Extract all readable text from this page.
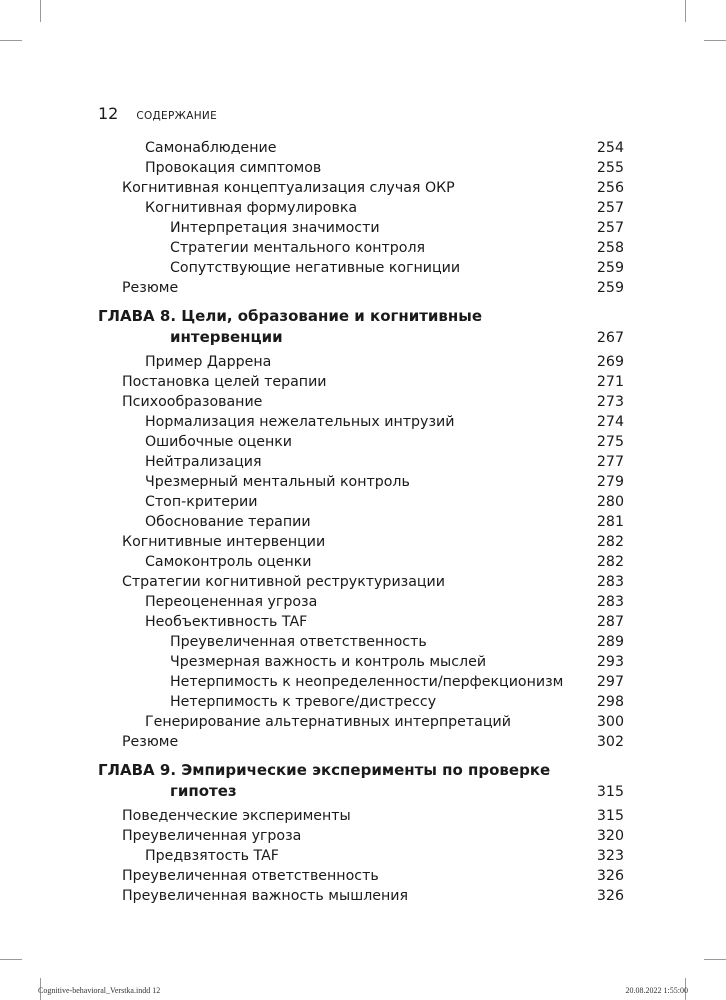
12 СОДЕРЖАНИЕ
Самонаблюдение	254
Провокация симптомов	255
Когнитивная концептуализация случая ОКР	256
Когнитивная формулировка	257
Интерпретация значимости	257
Стратегии ментального контроля	258
Сопутствующие негативные когниции	259
Резюме	259
ГЛАВА 8. Цели, образование и когнитивные
интервенции	267
Пример Даррена	269
Постановка целей терапии	271
Психообразование	273
Нормализация нежелательных интрузий	274
Ошибочные оценки	275
Нейтрализация	277
Чрезмерный ментальный контроль	279
Стоп-критерии	280
Обоснование терапии	281
Когнитивные интервенции	282
Самоконтроль оценки	282
Стратегии когнитивной реструктуризации	283
Переоцененная угроза	283
Необъективность TAF	287
Преувеличенная ответственность	289
Чрезмерная важность и контроль мыслей	293
Нетерпимость к неопределенности/перфекционизм 297
Нетерпимость к тревоге/дистрессу	298
Генерирование альтернативных интерпретаций	300
Резюме	302
ГЛАВА 9. Эмпирические эксперименты по проверке
гипотез	315
Поведенческие эксперименты	315
Преувеличенная угроза	320
Предвзятость TAF	323
Преувеличенная ответственность	326
Преувеличенная важность мышления	326
Cognitive-behavioral_Verstka.indd 12	20.08.2022 1:55:00
